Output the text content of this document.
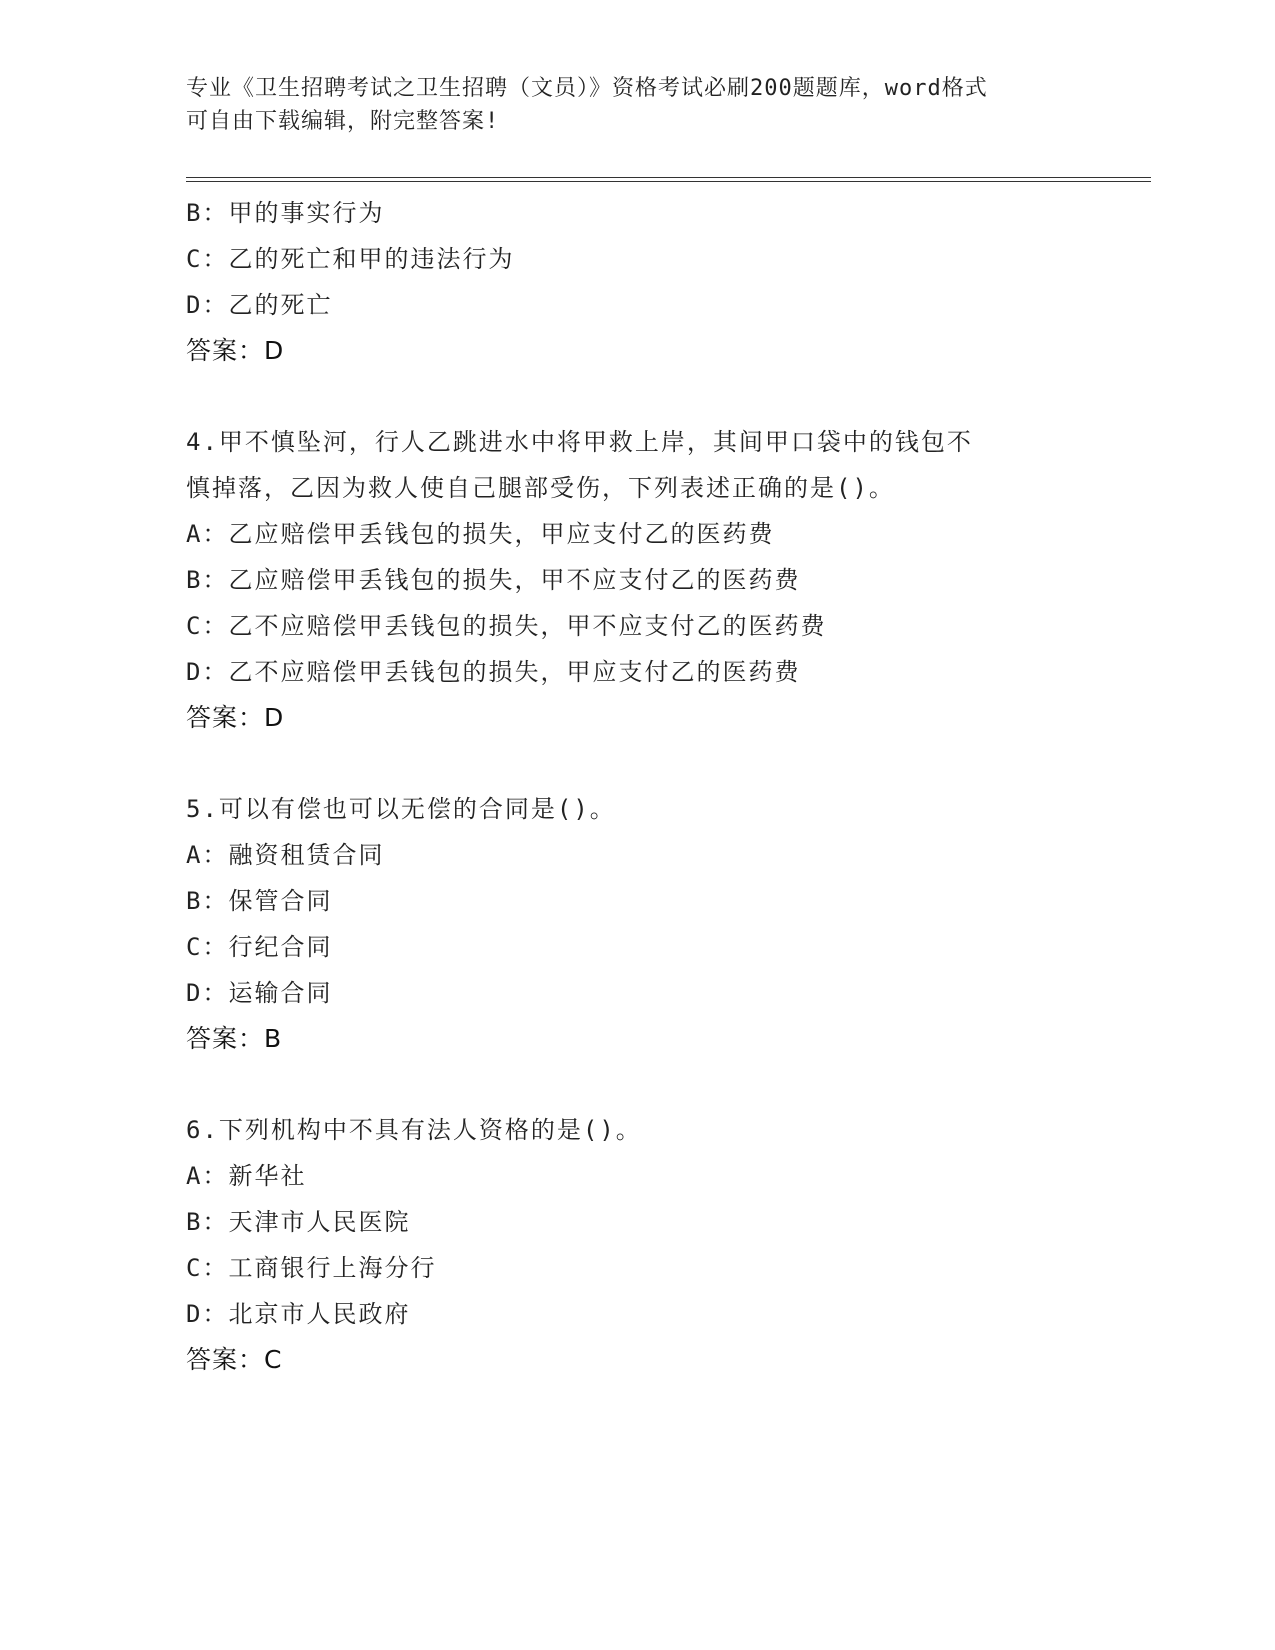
专业《卫生招聘考试之卫生招聘（文员）》资格考试必刷200题题库，word格式
可自由下载编辑，附完整答案!
B：甲的事实行为
C：乙的死亡和甲的违法行为
D：乙的死亡
答案：D
4.甲不慎坠河，行人乙跳进水中将甲救上岸，其间甲口袋中的钱包不
慎掉落，乙因为救人使自己腿部受伤，下列表述正确的是()。
A：乙应赔偿甲丢钱包的损失，甲应支付乙的医药费
B：乙应赔偿甲丢钱包的损失，甲不应支付乙的医药费
C：乙不应赔偿甲丢钱包的损失，甲不应支付乙的医药费
D：乙不应赔偿甲丢钱包的损失，甲应支付乙的医药费
答案：D
5.可以有偿也可以无偿的合同是()。
A：融资租赁合同
B：保管合同
C：行纪合同
D：运输合同
答案：B
6.下列机构中不具有法人资格的是()。
A：新华社
B：天津市人民医院
C：工商银行上海分行
D：北京市人民政府
答案：C
